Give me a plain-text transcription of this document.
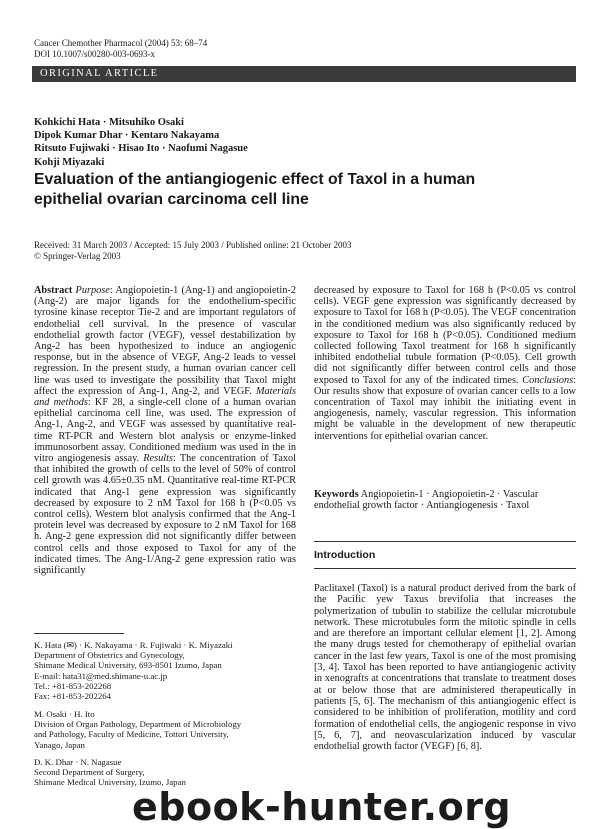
Cancer Chemother Pharmacol (2004) 53: 68–74
DOI 10.1007/s00280-003-0693-x
ORIGINAL ARTICLE
Kohkichi Hata · Mitsuhiko Osaki
Dipok Kumar Dhar · Kentaro Nakayama
Ritsuto Fujiwaki · Hisao Ito · Naofumi Nagasue
Kohji Miyazaki
Evaluation of the antiangiogenic effect of Taxol in a human epithelial ovarian carcinoma cell line
Received: 31 March 2003 / Accepted: 15 July 2003 / Published online: 21 October 2003
© Springer-Verlag 2003

Abstract Purpose: Angiopoietin-1 (Ang-1) and angiopoietin-2 (Ang-2) are major ligands for the endothelium-specific tyrosine kinase receptor Tie-2 and are important regulators of endothelial cell survival. In the presence of vascular endothelial growth factor (VEGF), vessel destabilization by Ang-2 has been hypothesized to induce an angiogenic response, but in the absence of VEGF, Ang-2 leads to vessel regression. In the present study, a human ovarian cancer cell line was used to investigate the possibility that Taxol might affect the expression of Ang-1, Ang-2, and VEGF. Materials and methods: KF 28, a single-cell clone of a human ovarian epithelial carcinoma cell line, was used. The expression of Ang-1, Ang-2, and VEGF was assessed by quantitative real-time RT-PCR and Western blot analysis or enzyme-linked immunosorbent assay. Conditioned medium was used in the in vitro angiogenesis assay. Results: The concentration of Taxol that inhibited the growth of cells to the level of 50% of control cell growth was 4.65±0.35 nM. Quantitative real-time RT-PCR indicated that Ang-1 gene expression was significantly decreased by exposure to 2 nM Taxol for 168 h (P<0.05 vs control cells). Western blot analysis confirmed that the Ang-1 protein level was decreased by exposure to 2 nM Taxol for 168 h. Ang-2 gene expression did not significantly differ between control cells and those exposed to Taxol for any of the indicated times. The Ang-1/Ang-2 gene expression ratio was significantly

decreased by exposure to Taxol for 168 h (P<0.05 vs control cells). VEGF gene expression was significantly decreased by exposure to Taxol for 168 h (P<0.05). The VEGF concentration in the conditioned medium was also significantly reduced by exposure to Taxol for 168 h (P<0.05). Conditioned medium collected following Taxol treatment for 168 h significantly inhibited endothelial tubule formation (P<0.05). Cell growth did not significantly differ between control cells and those exposed to Taxol for any of the indicated times. Conclusions: Our results show that exposure of ovarian cancer cells to a low concentration of Taxol may inhibit the initiating event in angiogenesis, namely, vascular regression. This information might be valuable in the development of new therapeutic interventions for epithelial ovarian cancer.

Keywords Angiopoietin-1 · Angiopoietin-2 · Vascular endothelial growth factor · Antiangiogenesis · Taxol
Introduction

Paclitaxel (Taxol) is a natural product derived from the bark of the Pacific yew Taxus brevifolia that increases the polymerization of tubulin to stabilize the cellular microtubule network. These microtubules form the mitotic spindle in cells and are therefore an important cellular element [1, 2]. Among the many drugs tested for chemotherapy of epithelial ovarian cancer in the last few years, Taxol is one of the most promising [3, 4]. Taxol has been reported to have antiangiogenic activity in xenografts at concentrations that translate to treatment doses at or below those that are administered therapeutically in patients [5, 6]. The mechanism of this antiangiogenic effect is considered to be inhibition of proliferation, motility and cord formation of endothelial cells, the angiogenic response in vivo [5, 6, 7], and neovascularization induced by vascular endothelial growth factor (VEGF) [6, 8].

K. Hata (✉) · K. Nakayama · R. Fujiwaki · K. Miyazaki
Department of Obstetrics and Gynecology,
Shimane Medical University, 693-8501 Izumo, Japan
E-mail: hata31@med.shimane-u.ac.jp
Tel.: +81-853-202268
Fax: +81-853-202264
M. Osaki · H. Ito
Division of Organ Pathology, Department of Microbiology
and Pathology, Faculty of Medicine, Tottori University,
Yanago, Japan
D. K. Dhar · N. Nagasue
Second Department of Surgery,
Shimane Medical University, Izumo, Japan
ebook-hunter.org
